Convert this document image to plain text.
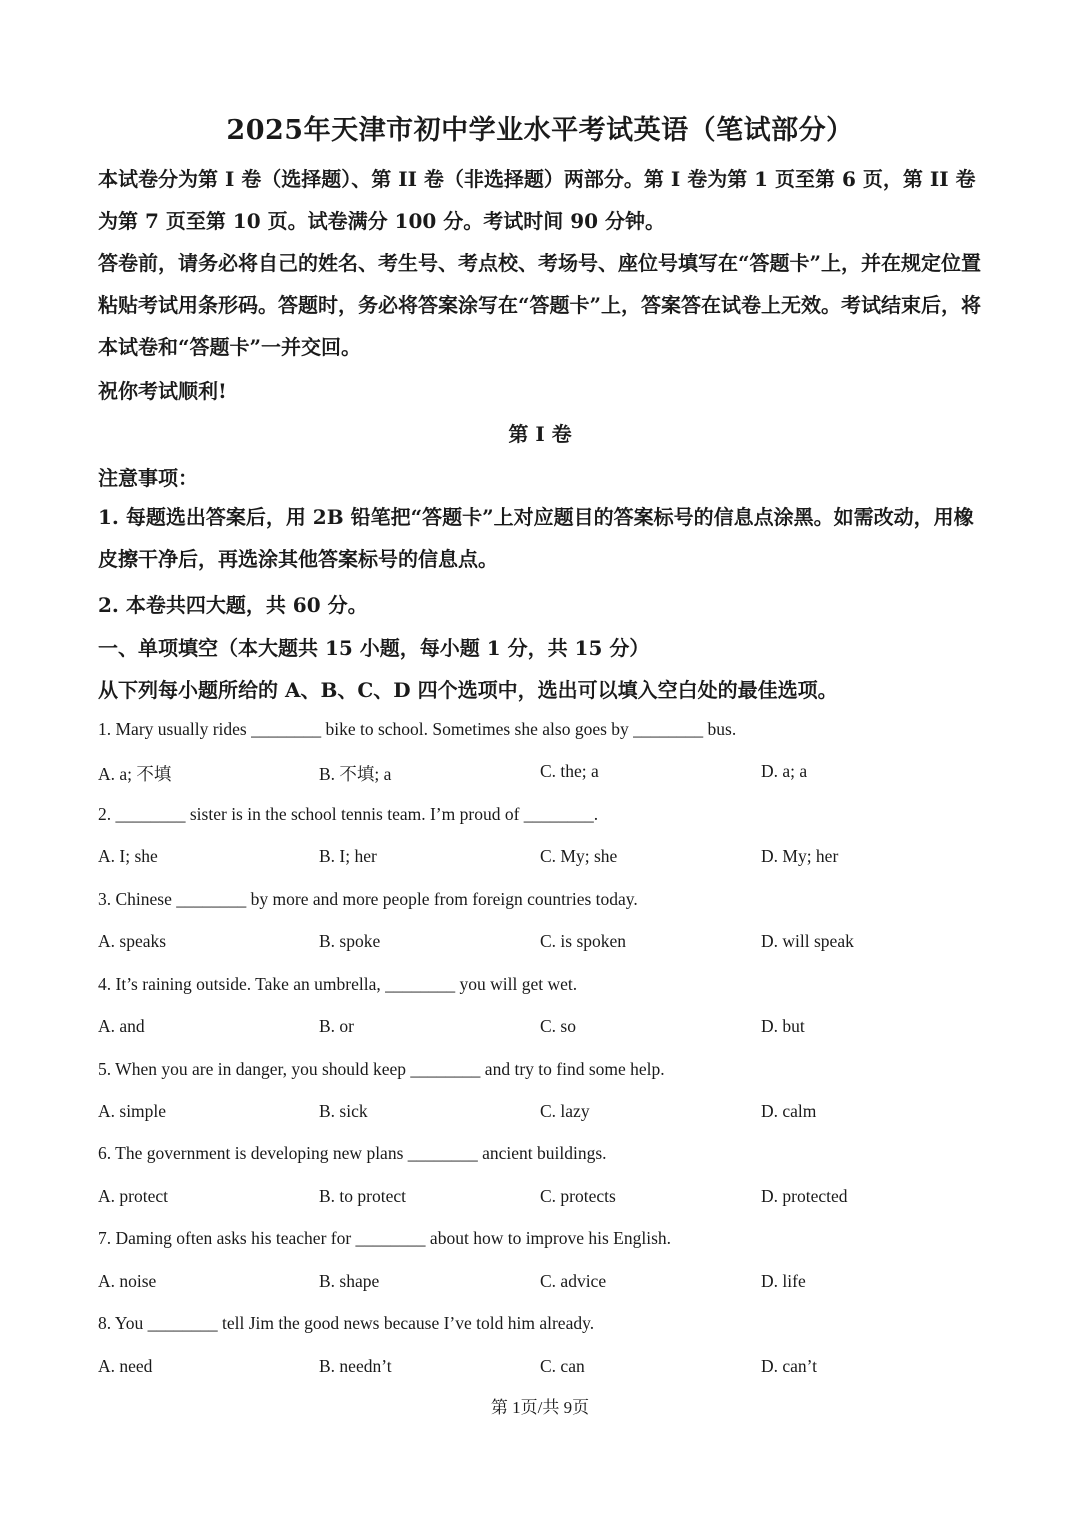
2025年天津市初中学业水平考试英语（笔试部分）
本试卷分为第 I 卷（选择题）、第 II 卷（非选择题）两部分。第 I 卷为第 1 页至第 6 页，第 II 卷为第 7 页至第 10 页。试卷满分 100 分。考试时间 90 分钟。
答卷前，请务必将自己的姓名、考生号、考点校、考场号、座位号填写在“答题卡”上，并在规定位置粘贴考试用条形码。答题时，务必将答案涂写在“答题卡”上，答案答在试卷上无效。考试结束后，将本试卷和“答题卡”一并交回。
祝你考试顺利!
第 I 卷
注意事项：
1. 每题选出答案后，用 2B 铅笔把“答题卡”上对应题目的答案标号的信息点涂黑。如需改动，用橡皮擦干净后，再选涂其他答案标号的信息点。
2. 本卷共四大题，共 60 分。
一、单项填空（本大题共 15 小题，每小题 1 分，共 15 分）
从下列每小题所给的 A、B、C、D 四个选项中，选出可以填入空白处的最佳选项。
1. Mary usually rides ________ bike to school. Sometimes she also goes by ________ bus.
A. a; 不填	B. 不填; a	C. the; a	D. a; a
2. ________ sister is in the school tennis team. I’m proud of ________.
A. I; she	B. I; her	C. My; she	D. My; her
3. Chinese ________ by more and more people from foreign countries today.
A. speaks	B. spoke	C. is spoken	D. will speak
4. It’s raining outside. Take an umbrella, ________ you will get wet.
A. and	B. or	C. so	D. but
5. When you are in danger, you should keep ________ and try to find some help.
A. simple	B. sick	C. lazy	D. calm
6. The government is developing new plans ________ ancient buildings.
A. protect	B. to protect	C. protects	D. protected
7. Daming often asks his teacher for ________ about how to improve his English.
A. noise	B. shape	C. advice	D. life
8. You ________ tell Jim the good news because I’ve told him already.
A. need	B. needn’t	C. can	D. can’t
第 1页/共 9页
